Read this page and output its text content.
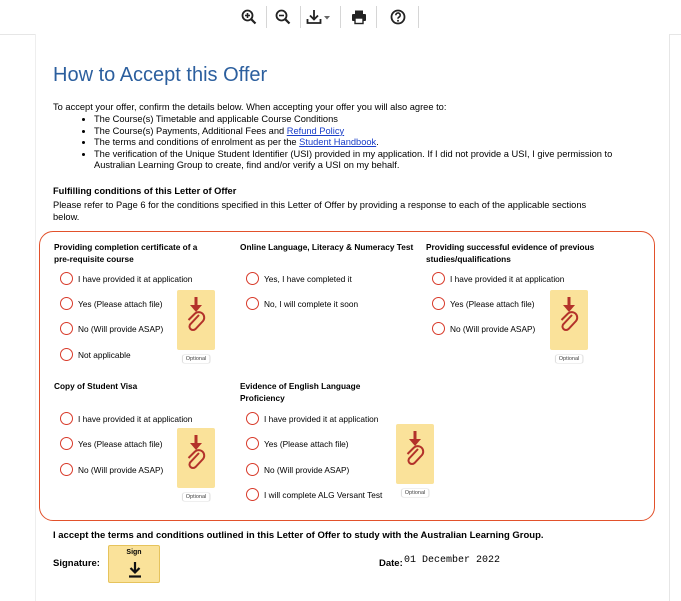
How to Accept this Offer
To accept your offer, confirm the details below. When accepting your offer you will also agree to:
• The Course(s) Timetable and applicable Course Conditions
• The Course(s) Payments, Additional Fees and Refund Policy
• The terms and conditions of enrolment as per the Student Handbook.
• The verification of the Unique Student Identifier (USI) provided in my application. If I did not provide a USI, I give permission to Australian Learning Group to create, find and/or verify a USI on my behalf.
Fulfilling conditions of this Letter of Offer
Please refer to Page 6 for the conditions specified in this Letter of Offer by providing a response to each of the applicable sections below.
Providing completion certificate of a pre-requisite course
I have provided it at application
Yes (Please attach file)
No (Will provide ASAP)
Not applicable	Optional
Online Language, Literacy & Numeracy Test
Yes, I have completed it
No, I will complete it soon
Providing successful evidence of previous studies/qualifications
I have provided it at application
Yes (Please attach file)
No (Will provide ASAP)
Optional
Copy of Student Visa
I have provided it at application
Yes (Please attach file)
No (Will provide ASAP)
Optional
Evidence of English Language Proficiency
I have provided it at application
Yes (Please attach file)
No (Will provide ASAP)
I will complete ALG Versant Test	Optional
I accept the terms and conditions outlined in this Letter of Offer to study with the Australian Learning Group.
Signature:
Sign
Date: 01 December 2022
